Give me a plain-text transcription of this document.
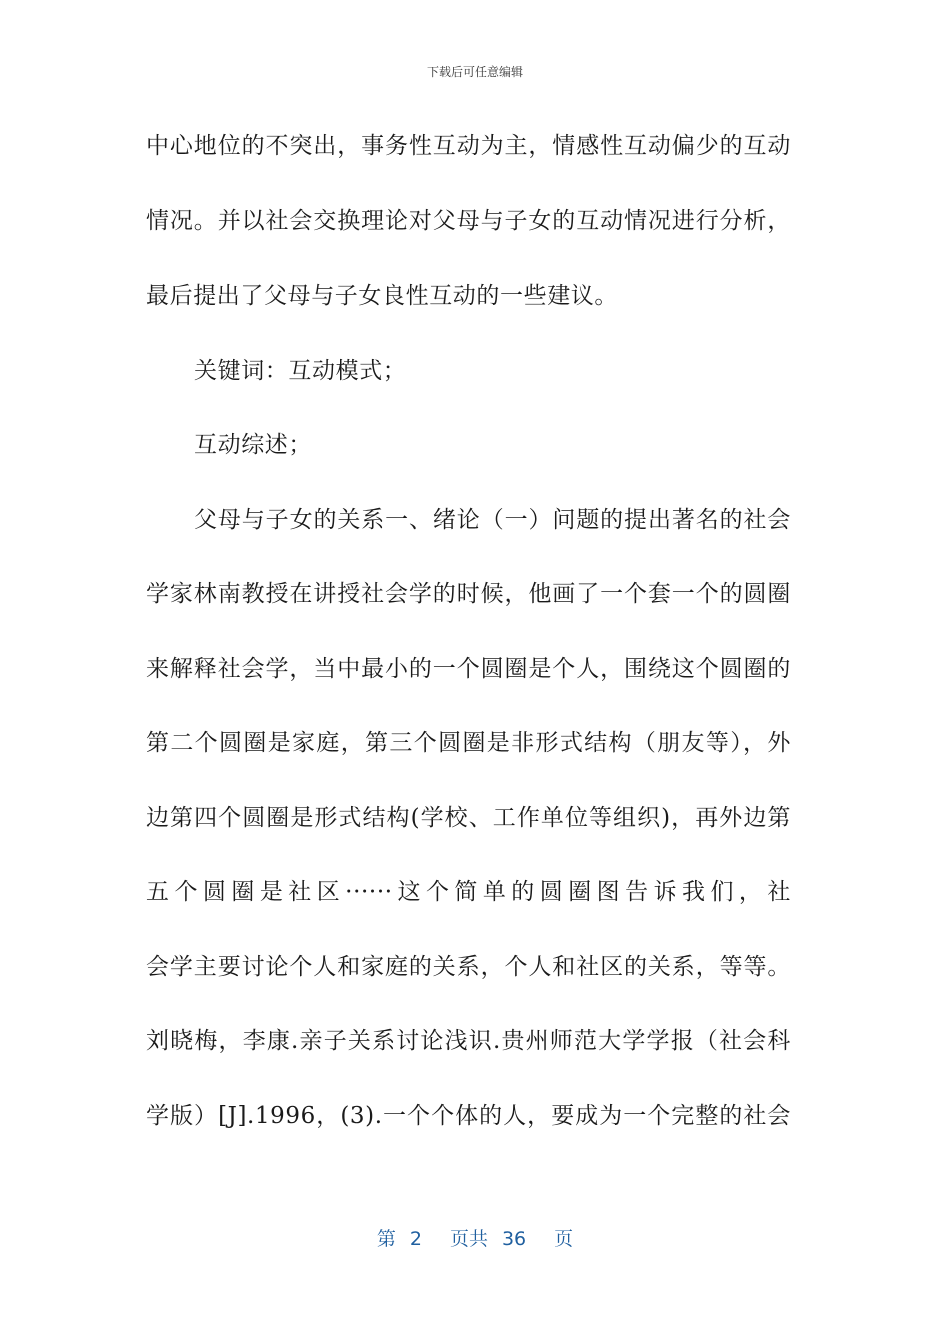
下载后可任意编辑
中心地位的不突出，事务性互动为主，情感性互动偏少的互动
情况。并以社会交换理论对父母与子女的互动情况进行分析，
最后提出了父母与子女良性互动的一些建议。
关键词：互动模式；
互动综述；
父母与子女的关系一、绪论（一）问题的提出著名的社会
学家林南教授在讲授社会学的时候，他画了一个套一个的圆圈
来解释社会学，当中最小的一个圆圈是个人，围绕这个圆圈的
第二个圆圈是家庭，第三个圆圈是非形式结构（朋友等），外
边第四个圆圈是形式结构(学校、工作单位等组织)，再外边第
五个圆圈是社区······这个简单的圆圈图告诉我们，社
会学主要讨论个人和家庭的关系，个人和社区的关系，等等。
刘晓梅，李康.亲子关系讨论浅识.贵州师范大学学报（社会科
学版）[J].1996，(3).一个个体的人，要成为一个完整的社会
第 2 页共 36 页
